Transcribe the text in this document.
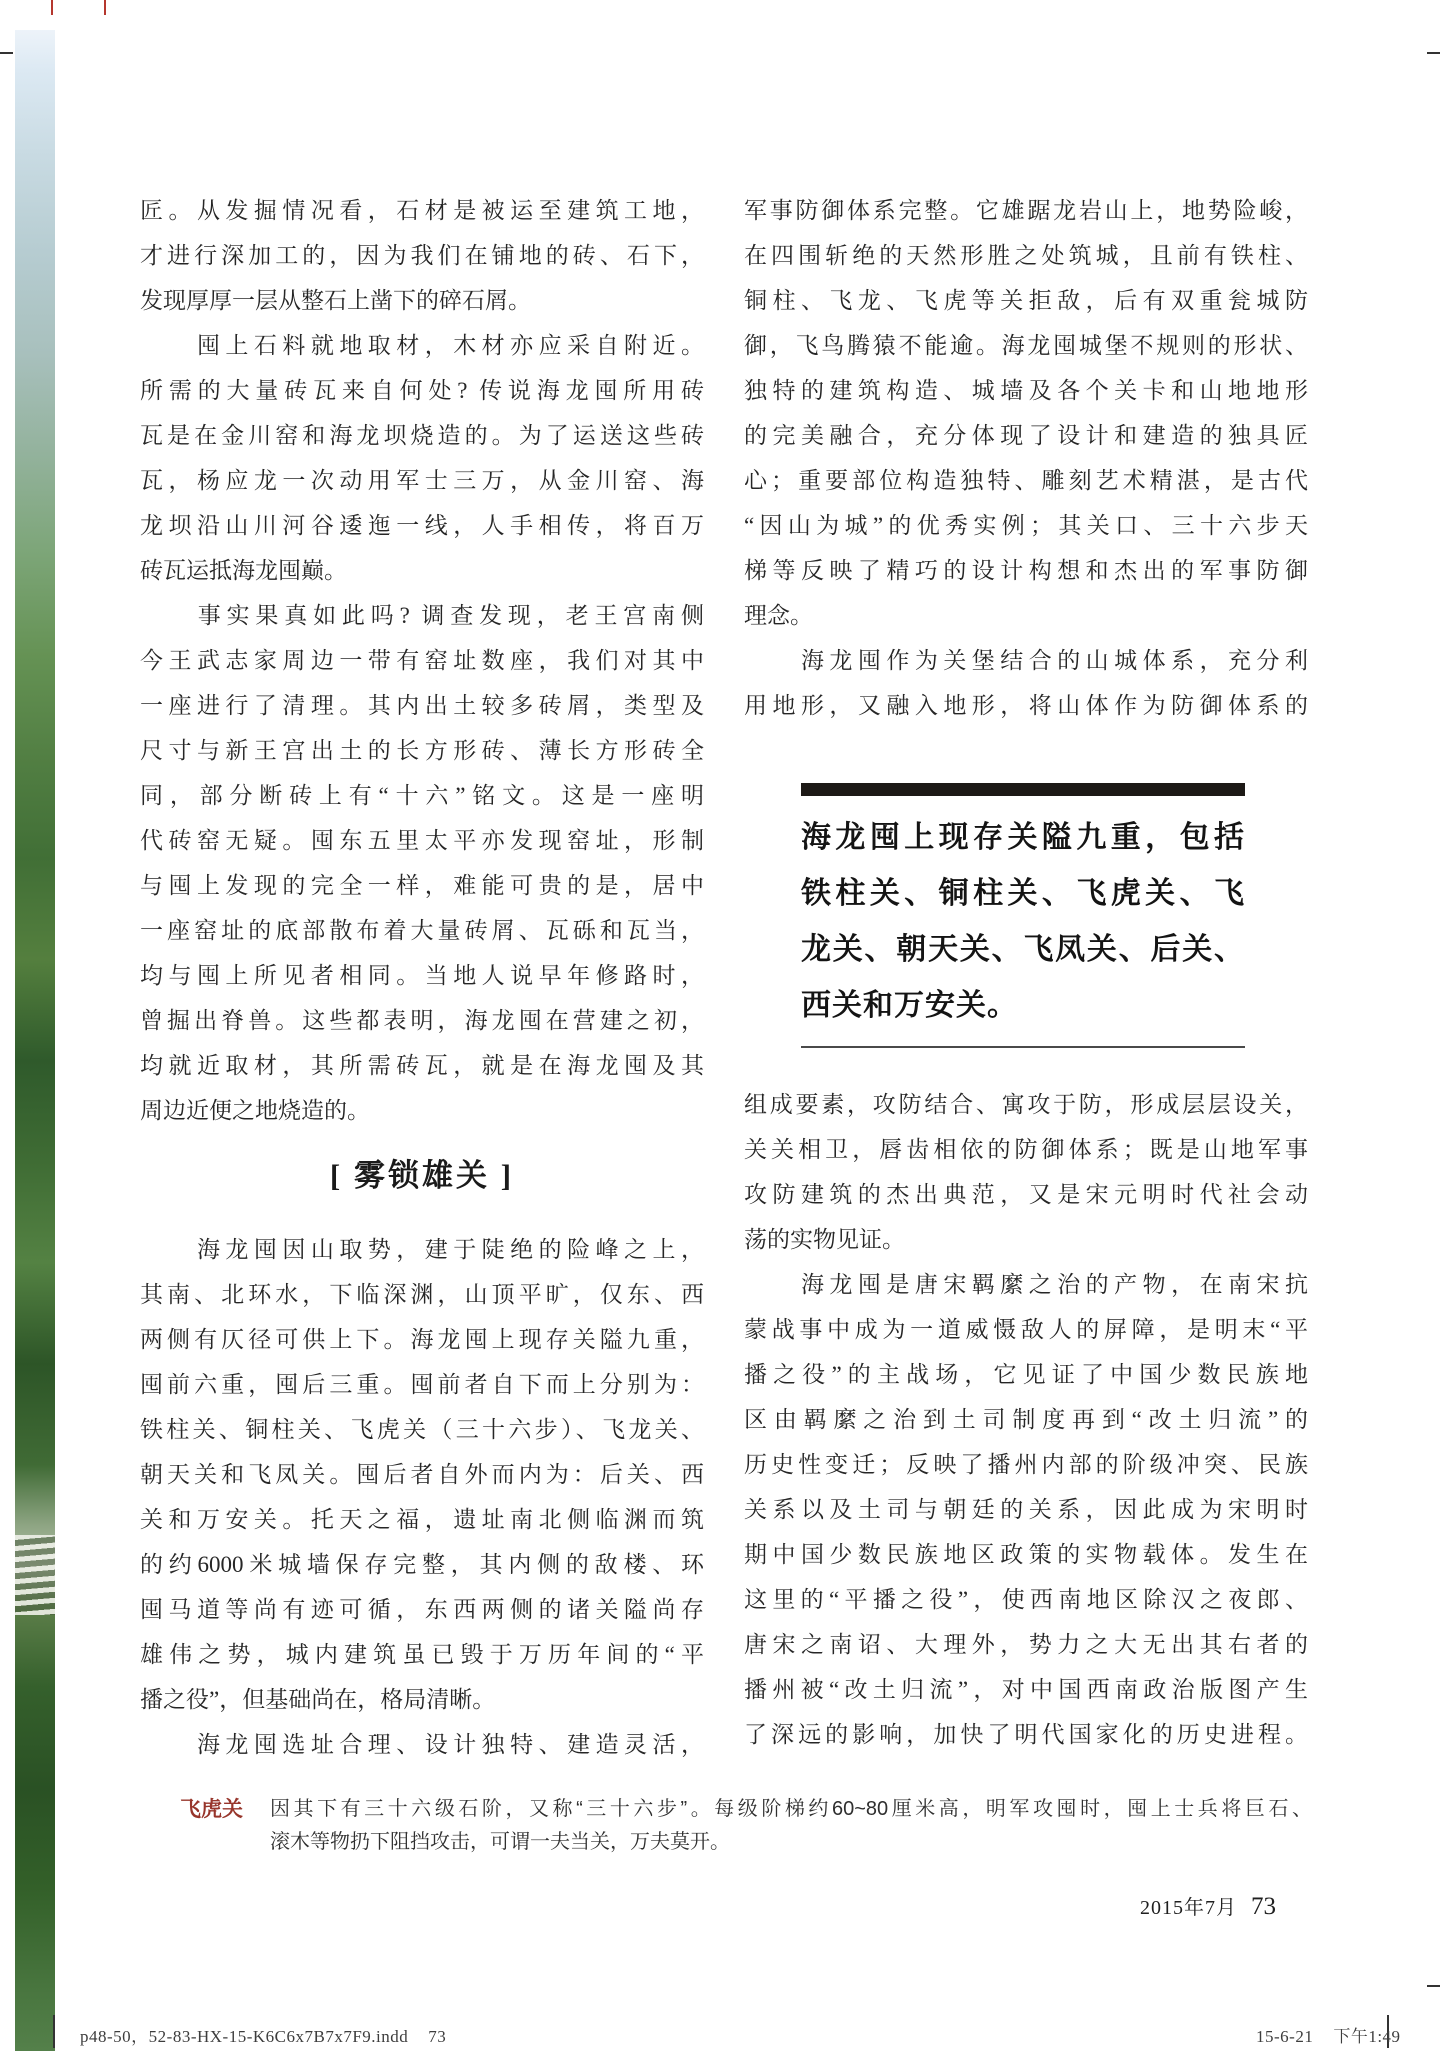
匠。从发掘情况看，石材是被运至建筑工地，
才进行深加工的，因为我们在铺地的砖、石下，
发现厚厚一层从整石上凿下的碎石屑。
　　囤上石料就地取材，木材亦应采自附近。
所需的大量砖瓦来自何处? 传说海龙囤所用砖
瓦是在金川窑和海龙坝烧造的。为了运送这些砖
瓦，杨应龙一次动用军士三万，从金川窑、海
龙坝沿山川河谷逶迤一线，人手相传，将百万
砖瓦运抵海龙囤巅。
　　事实果真如此吗? 调查发现，老王宫南侧
今王武志家周边一带有窑址数座，我们对其中
一座进行了清理。其内出土较多砖屑，类型及
尺寸与新王宫出土的长方形砖、薄长方形砖全
同，部分断砖上有“十六”铭文。这是一座明
代砖窑无疑。囤东五里太平亦发现窑址，形制
与囤上发现的完全一样，难能可贵的是，居中
一座窑址的底部散布着大量砖屑、瓦砾和瓦当，
均与囤上所见者相同。当地人说早年修路时，
曾掘出脊兽。这些都表明，海龙囤在营建之初，
均就近取材，其所需砖瓦，就是在海龙囤及其
周边近便之地烧造的。
[ 雾锁雄关 ]
　　海龙囤因山取势，建于陡绝的险峰之上，
其南、北环水，下临深渊，山顶平旷，仅东、西
两侧有仄径可供上下。海龙囤上现存关隘九重，
囤前六重，囤后三重。囤前者自下而上分别为：
铁柱关、铜柱关、飞虎关（三十六步）、飞龙关、
朝天关和飞凤关。囤后者自外而内为：后关、西
关和万安关。托天之福，遗址南北侧临渊而筑
的约6000米城墙保存完整，其内侧的敌楼、环
囤马道等尚有迹可循，东西两侧的诸关隘尚存
雄伟之势，城内建筑虽已毁于万历年间的“平
播之役”，但基础尚在，格局清晰。
　　海龙囤选址合理、设计独特、建造灵活，
军事防御体系完整。它雄踞龙岩山上，地势险峻，
在四围斩绝的天然形胜之处筑城，且前有铁柱、
铜柱、飞龙、飞虎等关拒敌，后有双重瓮城防
御，飞鸟腾猿不能逾。海龙囤城堡不规则的形状、
独特的建筑构造、城墙及各个关卡和山地地形
的完美融合，充分体现了设计和建造的独具匠
心；重要部位构造独特、雕刻艺术精湛，是古代
“因山为城”的优秀实例；其关口、三十六步天
梯等反映了精巧的设计构想和杰出的军事防御
理念。
　　海龙囤作为关堡结合的山城体系，充分利
用地形，又融入地形，将山体作为防御体系的
海龙囤上现存关隘九重，包括
铁柱关、铜柱关、飞虎关、飞
龙关、朝天关、飞凤关、后关、
西关和万安关。
组成要素，攻防结合、寓攻于防，形成层层设关，
关关相卫，唇齿相依的防御体系；既是山地军事
攻防建筑的杰出典范，又是宋元明时代社会动
荡的实物见证。
　　海龙囤是唐宋羁縻之治的产物，在南宋抗
蒙战事中成为一道威慑敌人的屏障，是明末“平
播之役”的主战场，它见证了中国少数民族地
区由羁縻之治到土司制度再到“改土归流”的
历史性变迁；反映了播州内部的阶级冲突、民族
关系以及土司与朝廷的关系，因此成为宋明时
期中国少数民族地区政策的实物载体。发生在
这里的“平播之役”，使西南地区除汉之夜郎、
唐宋之南诏、大理外，势力之大无出其右者的
播州被“改土归流”，对中国西南政治版图产生
了深远的影响，加快了明代国家化的历史进程。
飞虎关	因其下有三十六级石阶，又称“三十六步”。每级阶梯约60~80厘米高，明军攻囤时，囤上士兵将巨石、
滚木等物扔下阻挡攻击，可谓一夫当关，万夫莫开。
2015年7月 73
p48-50，52-83-HX-15-K6C6x7B7x7F9.indd 73	15-6-21 下午1:49
